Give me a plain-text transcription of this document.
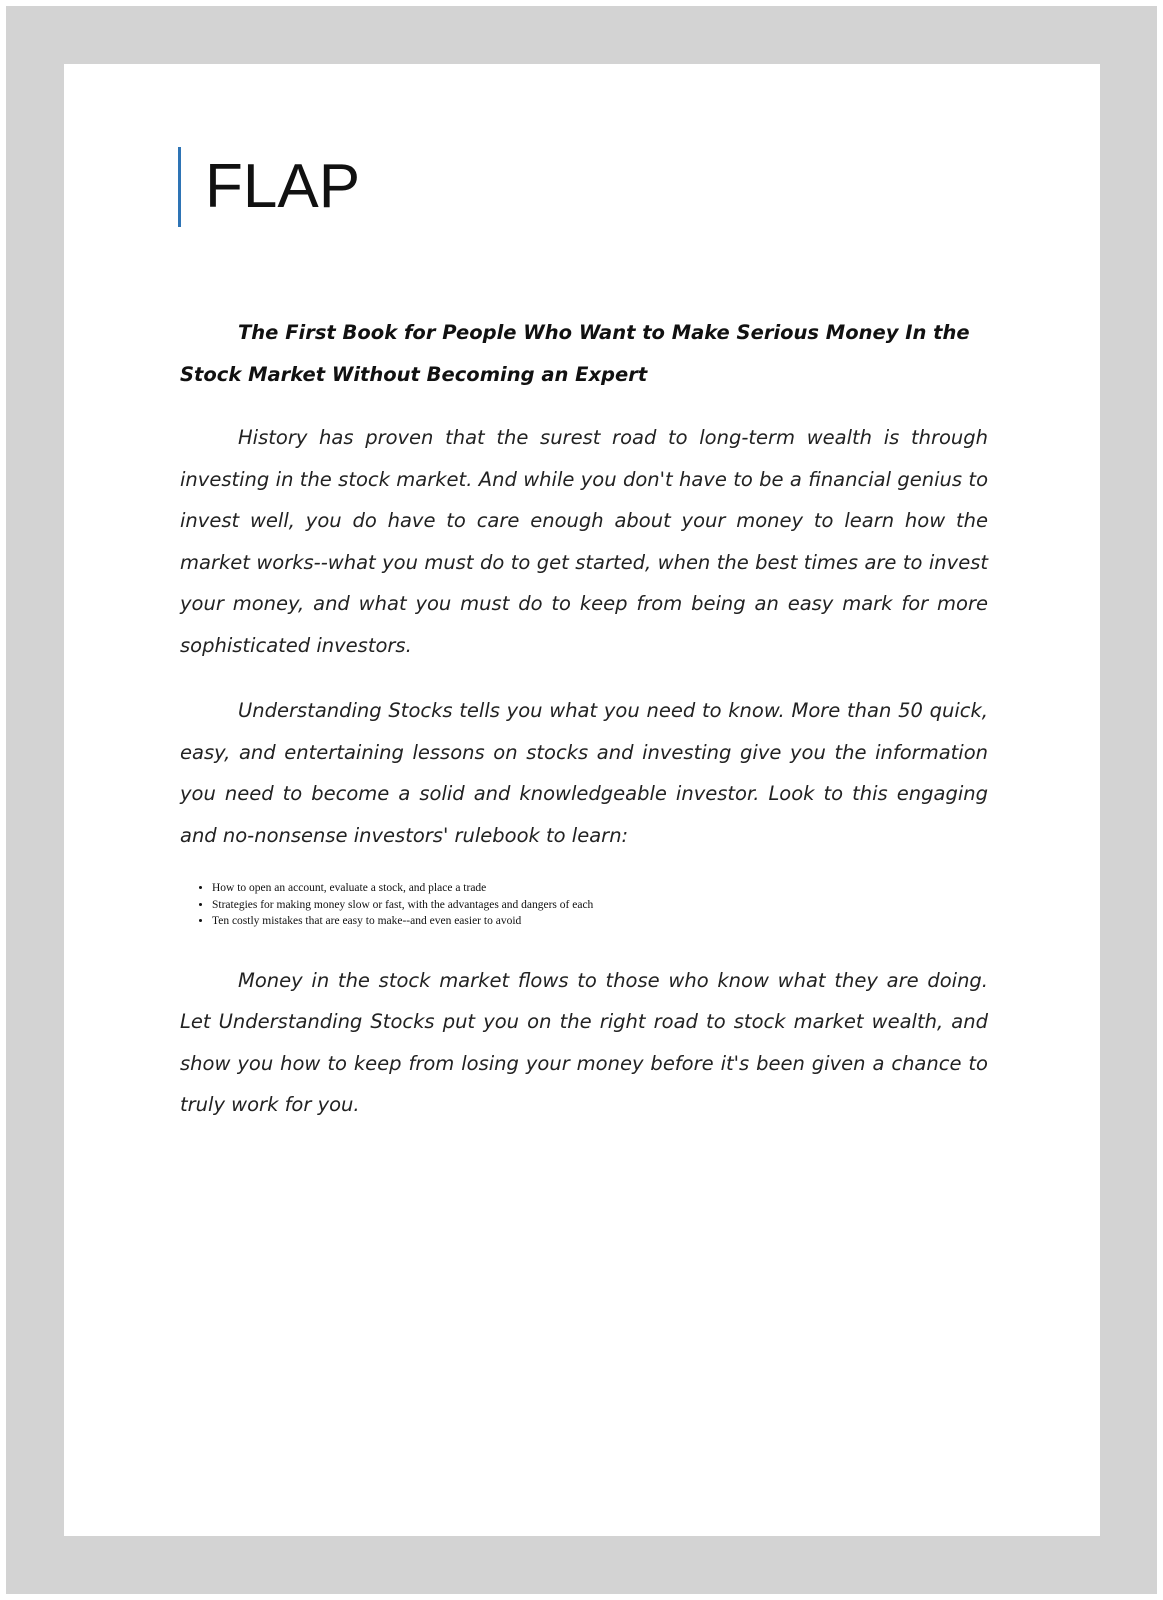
FLAP

The First Book for People Who Want to Make Serious Money In the Stock Market Without Becoming an Expert

History has proven that the surest road to long-term wealth is through investing in the stock market. And while you don't have to be a financial genius to invest well, you do have to care enough about your money to learn how the market works--what you must do to get started, when the best times are to invest your money, and what you must do to keep from being an easy mark for more sophisticated investors.

Understanding Stocks tells you what you need to know. More than 50 quick, easy, and entertaining lessons on stocks and investing give you the information you need to become a solid and knowledgeable investor. Look to this engaging and no-nonsense investors' rulebook to learn:

• How to open an account, evaluate a stock, and place a trade
• Strategies for making money slow or fast, with the advantages and dangers of each
• Ten costly mistakes that are easy to make--and even easier to avoid

Money in the stock market flows to those who know what they are doing. Let Understanding Stocks put you on the right road to stock market wealth, and show you how to keep from losing your money before it's been given a chance to truly work for you.
